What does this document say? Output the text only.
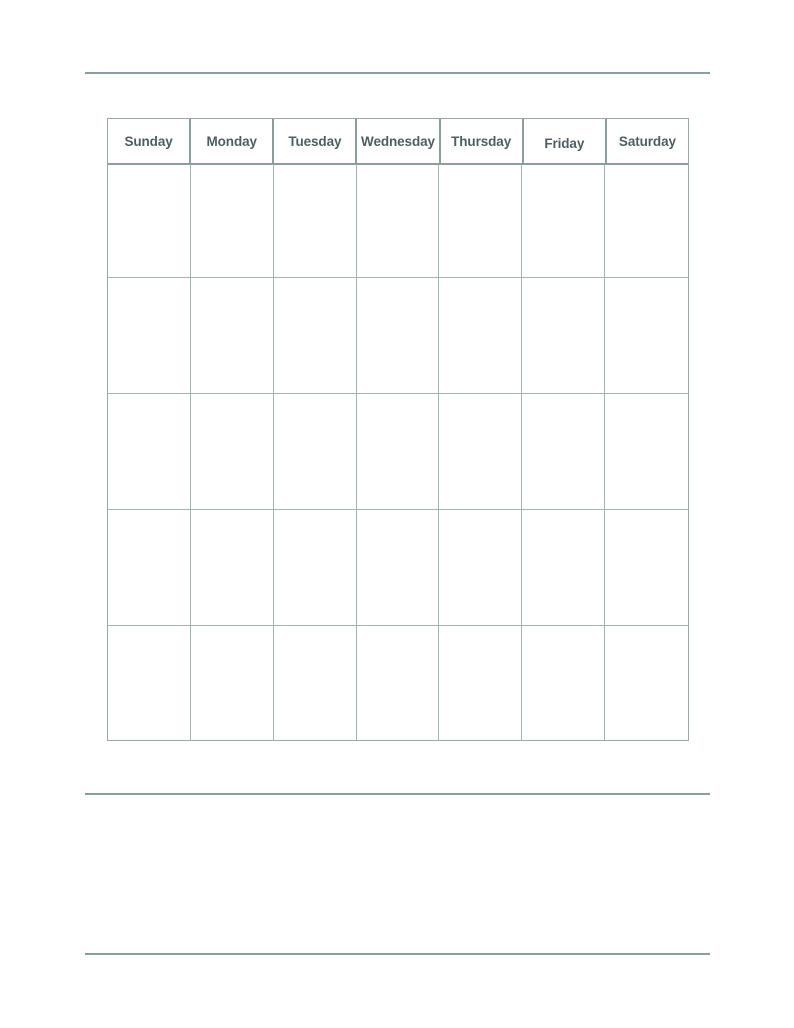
Sunday	Monday Tuesday Wednesday Thursday Friday	Saturday
